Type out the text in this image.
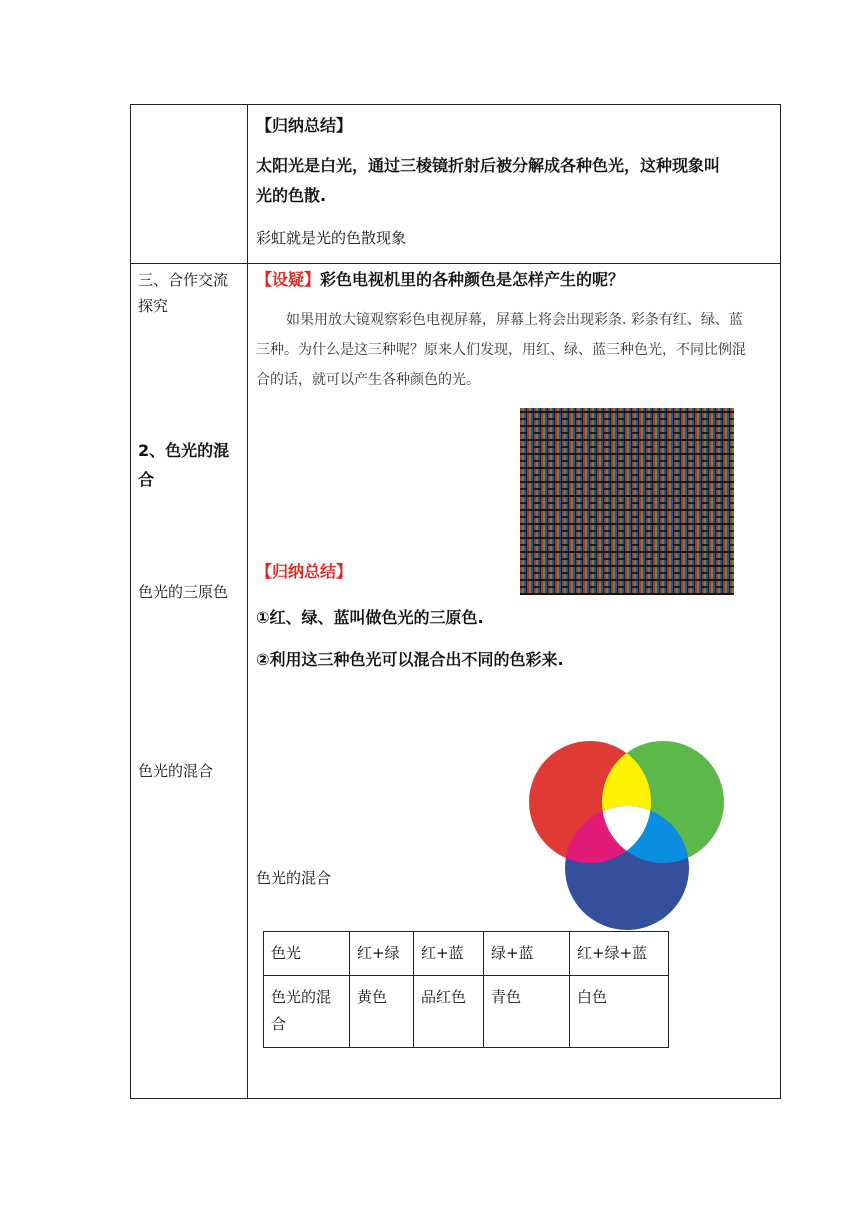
【归纳总结】
太阳光是白光，通过三棱镜折射后被分解成各种色光，这种现象叫
光的色散.
彩虹就是光的色散现象
三、合作交流
探究
2、色光的混
合
色光的三原色
色光的混合
【设疑】彩色电视机里的各种颜色是怎样产生的呢？
如果用放大镜观察彩色电视屏幕，屏幕上将会出现彩条. 彩条有红、绿、蓝三种。为什么是这三种呢？原来人们发现，用红、绿、蓝三种色光，不同比例混合的话，就可以产生各种颜色的光。
【归纳总结】
①红、绿、蓝叫做色光的三原色.
②利用这三种色光可以混合出不同的色彩来.
色光的混合
色光	红+绿	红+蓝	绿+蓝	红+绿+蓝
色光的混合	黄色	品红色	青色	白色
